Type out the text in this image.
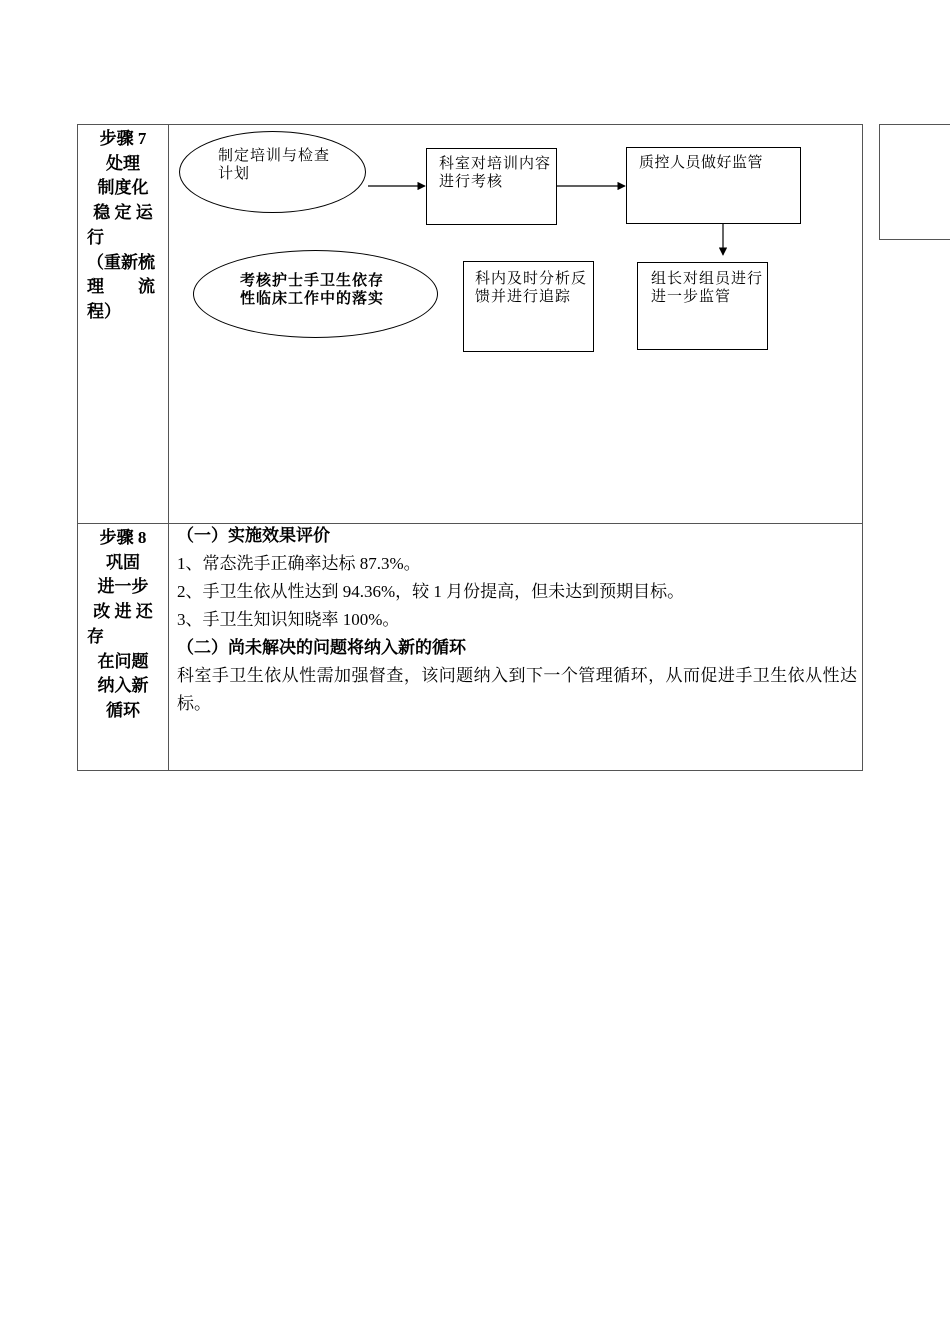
步骤 7
处理
制度化
稳 定 运
行
（重新梳
理　　流
程）
制定培训与检查计划
科室对培训内容进行考核
质控人员做好监管
考核护士手卫生依存性临床工作中的落实
科内及时分析反馈并进行追踪
组长对组员进行进一步监管
步骤 8
巩固
进一步
改 进 还
存
在问题
纳入新
循环

（一）实施效果评价

1、常态洗手正确率达标 87.3%。

2、手卫生依从性达到 94.36%，较 1 月份提高，但未达到预期目标。

3、手卫生知识知晓率 100%。

（二）尚未解决的问题将纳入新的循环

科室手卫生依从性需加强督查，该问题纳入到下一个管理循环，从而促进手卫生依从性达标。
